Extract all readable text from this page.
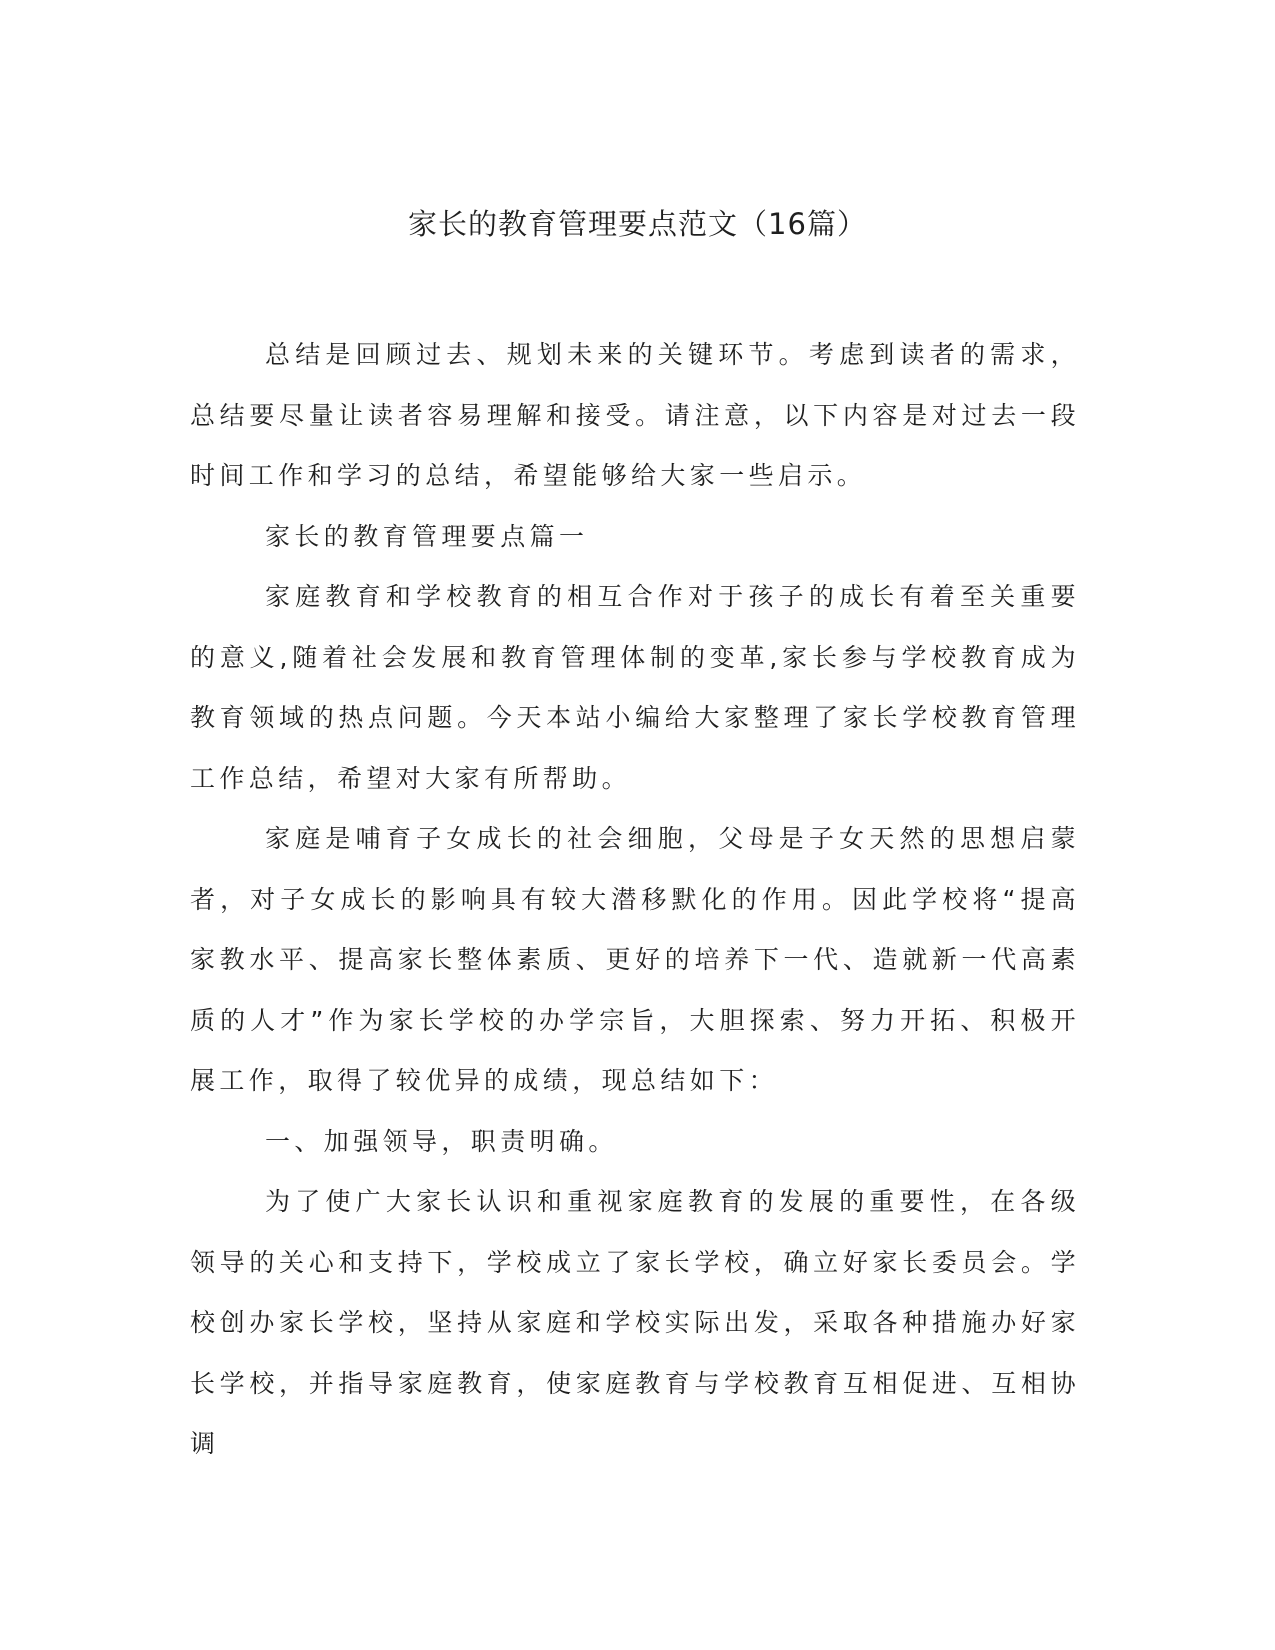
家长的教育管理要点范文（16篇）

总结是回顾过去、规划未来的关键环节。考虑到读者的需求，总结要尽量让读者容易理解和接受。请注意，以下内容是对过去一段时间工作和学习的总结，希望能够给大家一些启示。

家长的教育管理要点篇一

家庭教育和学校教育的相互合作对于孩子的成长有着至关重要的意义,随着社会发展和教育管理体制的变革,家长参与学校教育成为教育领域的热点问题。今天本站小编给大家整理了家长学校教育管理工作总结，希望对大家有所帮助。

家庭是哺育子女成长的社会细胞，父母是子女天然的思想启蒙者，对子女成长的影响具有较大潜移默化的作用。因此学校将“提高家教水平、提高家长整体素质、更好的培养下一代、造就新一代高素质的人才”作为家长学校的办学宗旨，大胆探索、努力开拓、积极开展工作，取得了较优异的成绩，现总结如下：

一、加强领导，职责明确。

为了使广大家长认识和重视家庭教育的发展的重要性，在各级领导的关心和支持下，学校成立了家长学校，确立好家长委员会。学校创办家长学校，坚持从家庭和学校实际出发，采取各种措施办好家长学校，并指导家庭教育，使家庭教育与学校教育互相促进、互相协调
